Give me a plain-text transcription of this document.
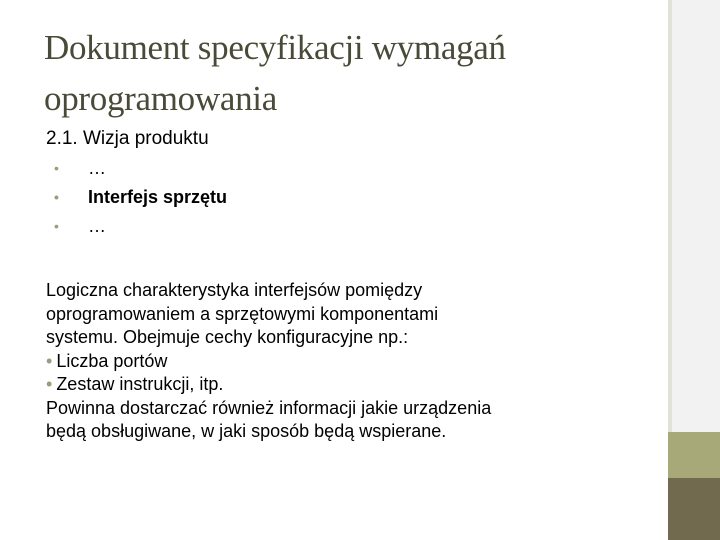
Dokument specyfikacji wymagań oprogramowania

2.1. Wizja produktu

• …
• Interfejs sprzętu
• …
Logiczna charakterystyka interfejsów pomiędzy
oprogramowaniem a sprzętowymi komponentami
systemu. Obejmuje cechy konfiguracyjne np.:
• Liczba portów
• Zestaw instrukcji, itp.
Powinna dostarczać również informacji jakie urządzenia
będą obsługiwane, w jaki sposób będą wspierane.
